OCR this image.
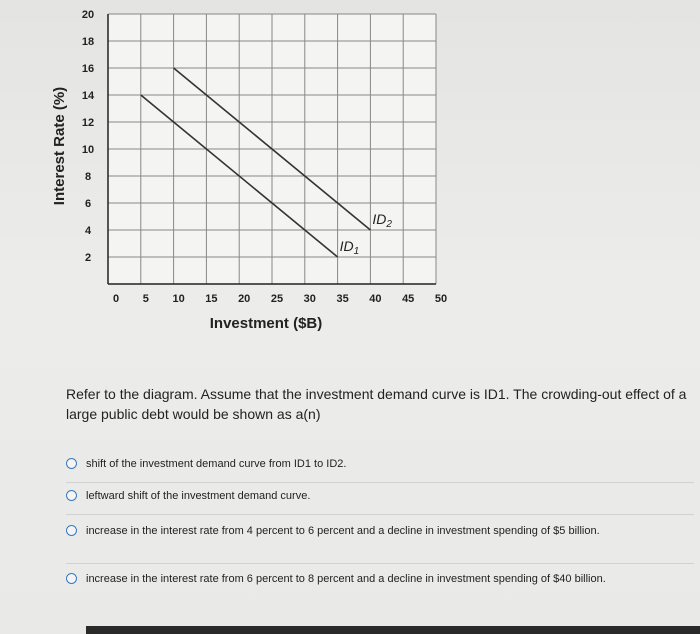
0 5 10 15 20 25 30 35 40 45 50
2
4
6
8
10
12
14
16
18
20
Investment ($B)
Interest Rate (%)
$ID_1$
$ID_2$
Refer to the diagram. Assume that the investment demand curve is ID1. The crowding-out effect of a large public debt would be shown as a(n)
shift of the investment demand curve from ID1 to ID2.
leftward shift of the investment demand curve.
increase in the interest rate from 4 percent to 6 percent and a decline in investment spending of $5 billion.
increase in the interest rate from 6 percent to 8 percent and a decline in investment spending of $40 billion.
